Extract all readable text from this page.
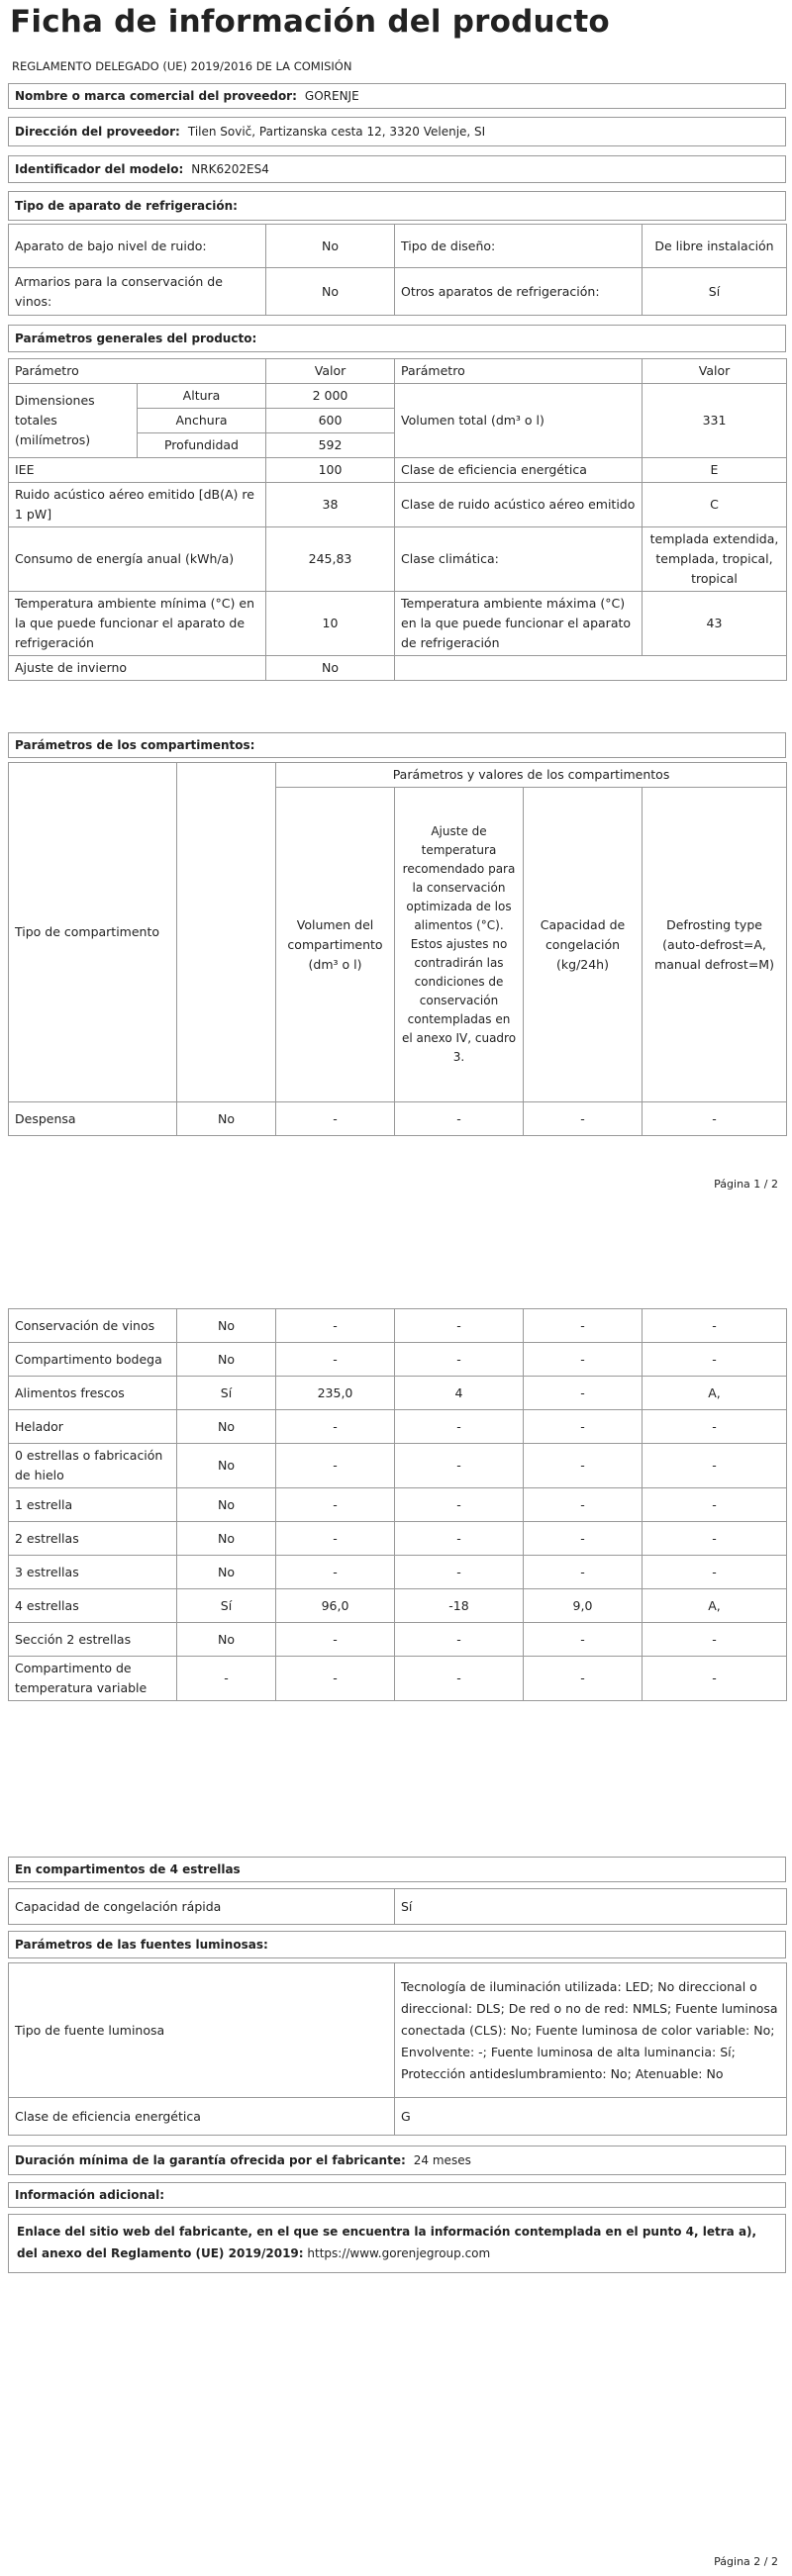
Ficha de información del producto
REGLAMENTO DELEGADO (UE) 2019/2016 DE LA COMISIÓN
Nombre o marca comercial del proveedor: GORENJE
Dirección del proveedor: Tilen Sovič, Partizanska cesta 12, 3320 Velenje, SI
Identificador del modelo: NRK6202ES4
Tipo de aparato de refrigeración:
Aparato de bajo nivel de ruido:	No	Tipo de diseño:	De libre instalación
Armarios para la conservación de vinos:	No	Otros aparatos de refrigeración:	Sí
Parámetros generales del producto:
Parámetro		Valor	Parámetro	Valor
Dimensiones totales (milímetros)	Altura	2 000	Volumen total (dm³ o l)	331
	Anchura	600		
	Profundidad	592		
IEE		100	Clase de eficiencia energética	E
Ruido acústico aéreo emitido [dB(A) re 1 pW]		38	Clase de ruido acústico aéreo emitido	C
Consumo de energía anual (kWh/a)		245,83	Clase climática:	templada extendida, templada, tropical, tropical
Temperatura ambiente mínima (°C) en la que puede funcionar el aparato de refrigeración		10	Temperatura ambiente máxima (°C) en la que puede funcionar el aparato de refrigeración	43
Ajuste de invierno		No		
Parámetros de los compartimentos:
Tipo de compartimento		Parámetros y valores de los compartimentos			
		Volumen del compartimento (dm³ o l)	Ajuste de temperatura recomendado para la conservación optimizada de los alimentos (°C). Estos ajustes no contradirán las condiciones de conservación contempladas en el anexo IV, cuadro 3.	Capacidad de congelación (kg/24h)	Defrosting type (auto-defrost=A, manual defrost=M)
Despensa	No	-	-	-	-
Página 1 / 2
Conservación de vinos	No	-	-	-	-
Compartimento bodega	No	-	-	-	-
Alimentos frescos	Sí	235,0	4	-	A,
Helador	No	-	-	-	-
0 estrellas o fabricación de hielo	No	-	-	-	-
1 estrella	No	-	-	-	-
2 estrellas	No	-	-	-	-
3 estrellas	No	-	-	-	-
4 estrellas	Sí	96,0	-18	9,0	A,
Sección 2 estrellas	No	-	-	-	-
Compartimento de temperatura variable	-	-	-	-	-
En compartimentos de 4 estrellas
Capacidad de congelación rápida	Sí
Parámetros de las fuentes luminosas:
Tipo de fuente luminosa	Tecnología de iluminación utilizada: LED; No direccional o direccional: DLS; De red o no de red: NMLS; Fuente luminosa conectada (CLS): No; Fuente luminosa de color variable: No; Envolvente: -; Fuente luminosa de alta luminancia: Sí; Protección antideslumbramiento: No; Atenuable: No
Clase de eficiencia energética	G
Duración mínima de la garantía ofrecida por el fabricante: 24 meses
Información adicional:
Enlace del sitio web del fabricante, en el que se encuentra la información contemplada en el punto 4, letra a), del anexo del Reglamento (UE) 2019/2019: https://www.gorenjegroup.com
Página 2 / 2
